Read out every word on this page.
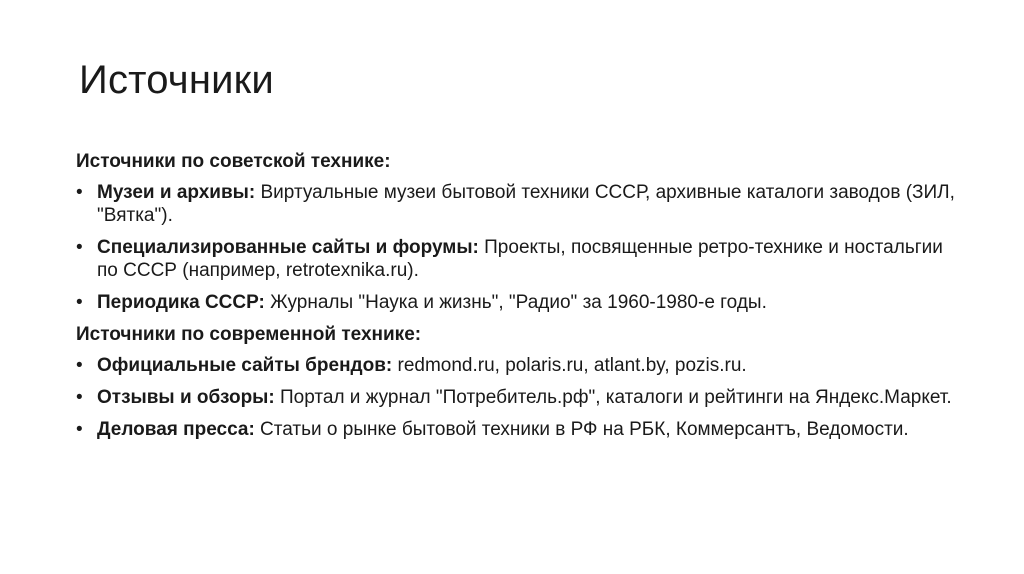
Источники
Источники по советской технике:
• Музеи и архивы: Виртуальные музеи бытовой техники СССР, архивные каталоги заводов (ЗИЛ, "Вятка").
• Специализированные сайты и форумы: Проекты, посвященные ретро-технике и ностальгии по СССР (например, retrotexnika.ru).
• Периодика СССР: Журналы "Наука и жизнь", "Радио" за 1960-1980-е годы.
Источники по современной технике:
• Официальные сайты брендов: redmond.ru, polaris.ru, atlant.by, pozis.ru.
• Отзывы и обзоры: Портал и журнал "Потребитель.рф", каталоги и рейтинги на Яндекс.Маркет.
• Деловая пресса: Статьи о рынке бытовой техники в РФ на РБК, Коммерсантъ, Ведомости.
